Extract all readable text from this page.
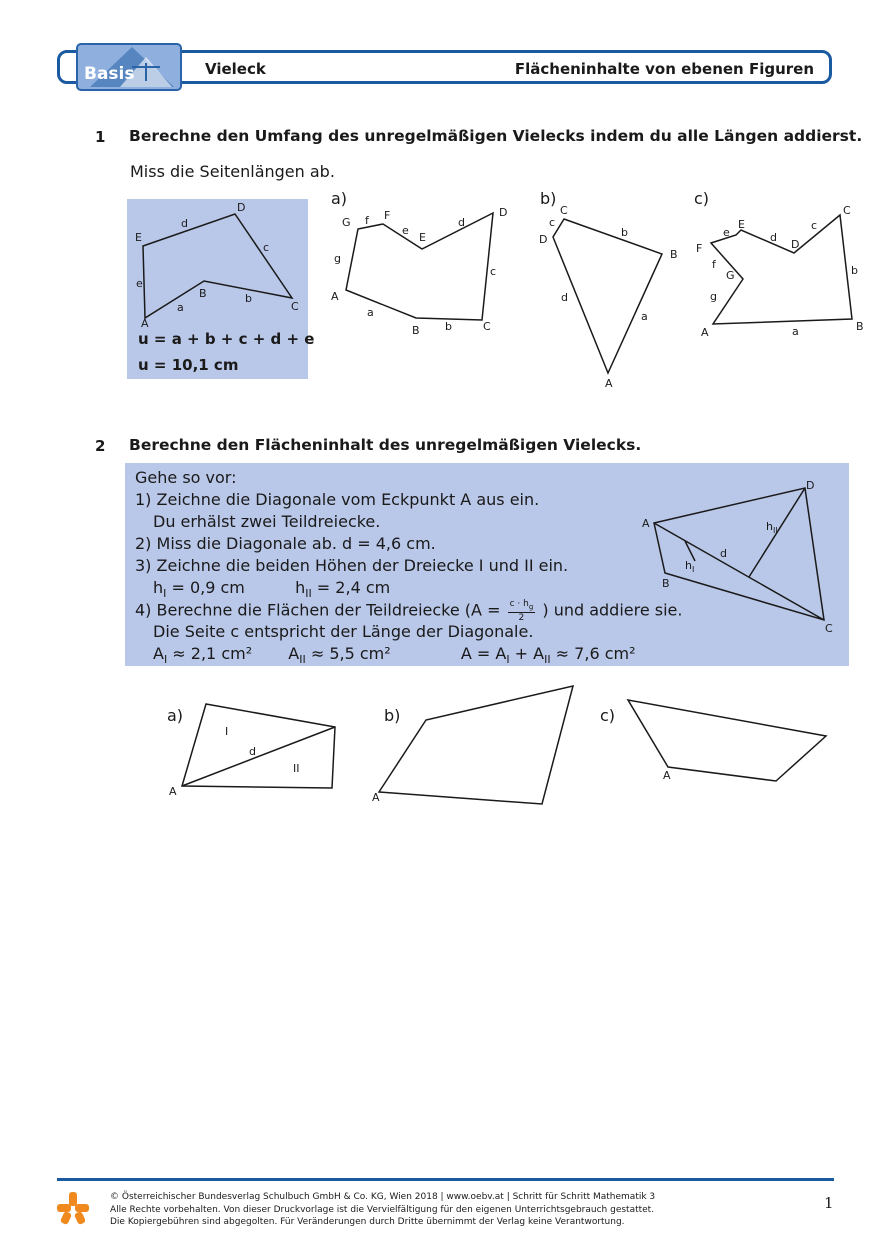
Basis	Vieleck	Flächeninhalte von ebenen Figuren
1 Berechne den Umfang des unregelmäßigen Vielecks indem du alle Längen addierst.
Miss die Seitenlängen ab.
D
E
d
c
e
B
a
b
C
A
u = a + b + c + d + e
u = 10,1 cm
a)	b)	c)
G f F
e
E
d
D
c
C
b
B
a
A
g
C
c
D
b
B
a
d
A
C
c
D
d
E
e
F
f
G
g
A	a	B
b
2 Berechne den Flächeninhalt des unregelmäßigen Vielecks.
Gehe so vor:
1) Zeichne die Diagonale vom Eckpunkt A aus ein.
Du erhälst zwei Teildreiecke.
2) Miss die Diagonale ab. d = 4,6 cm.
3) Zeichne die beiden Höhen der Dreiecke I und II ein.
$h_I = 0,9$ cm	$h_{II} = 2,4$ cm
4) Berechne die Flächen der Teildreiecke ($A = \frac{c \cdot h_g}{2}$ ) und addiere sie.
Die Seite c entspricht der Länge der Diagonale.
$A_I \approx 2,1$ cm² $A_{II} \approx 5,5$ cm²	$A = A_I + A_{II} \approx 7,6$ cm²
A
D
C
B
d
$h_I$
$h_{II}$
a)	b)	c)
I
d
II
A	A
A
© Österreichischer Bundesverlag Schulbuch GmbH & Co. KG, Wien 2018 | www.oebv.at | Schritt für Schritt Mathematik 3
Alle Rechte vorbehalten. Von dieser Druckvorlage ist die Vervielfältigung für den eigenen Unterrichtsgebrauch gestattet.
Die Kopiergebühren sind abgegolten. Für Veränderungen durch Dritte übernimmt der Verlag keine Verantwortung.
1
